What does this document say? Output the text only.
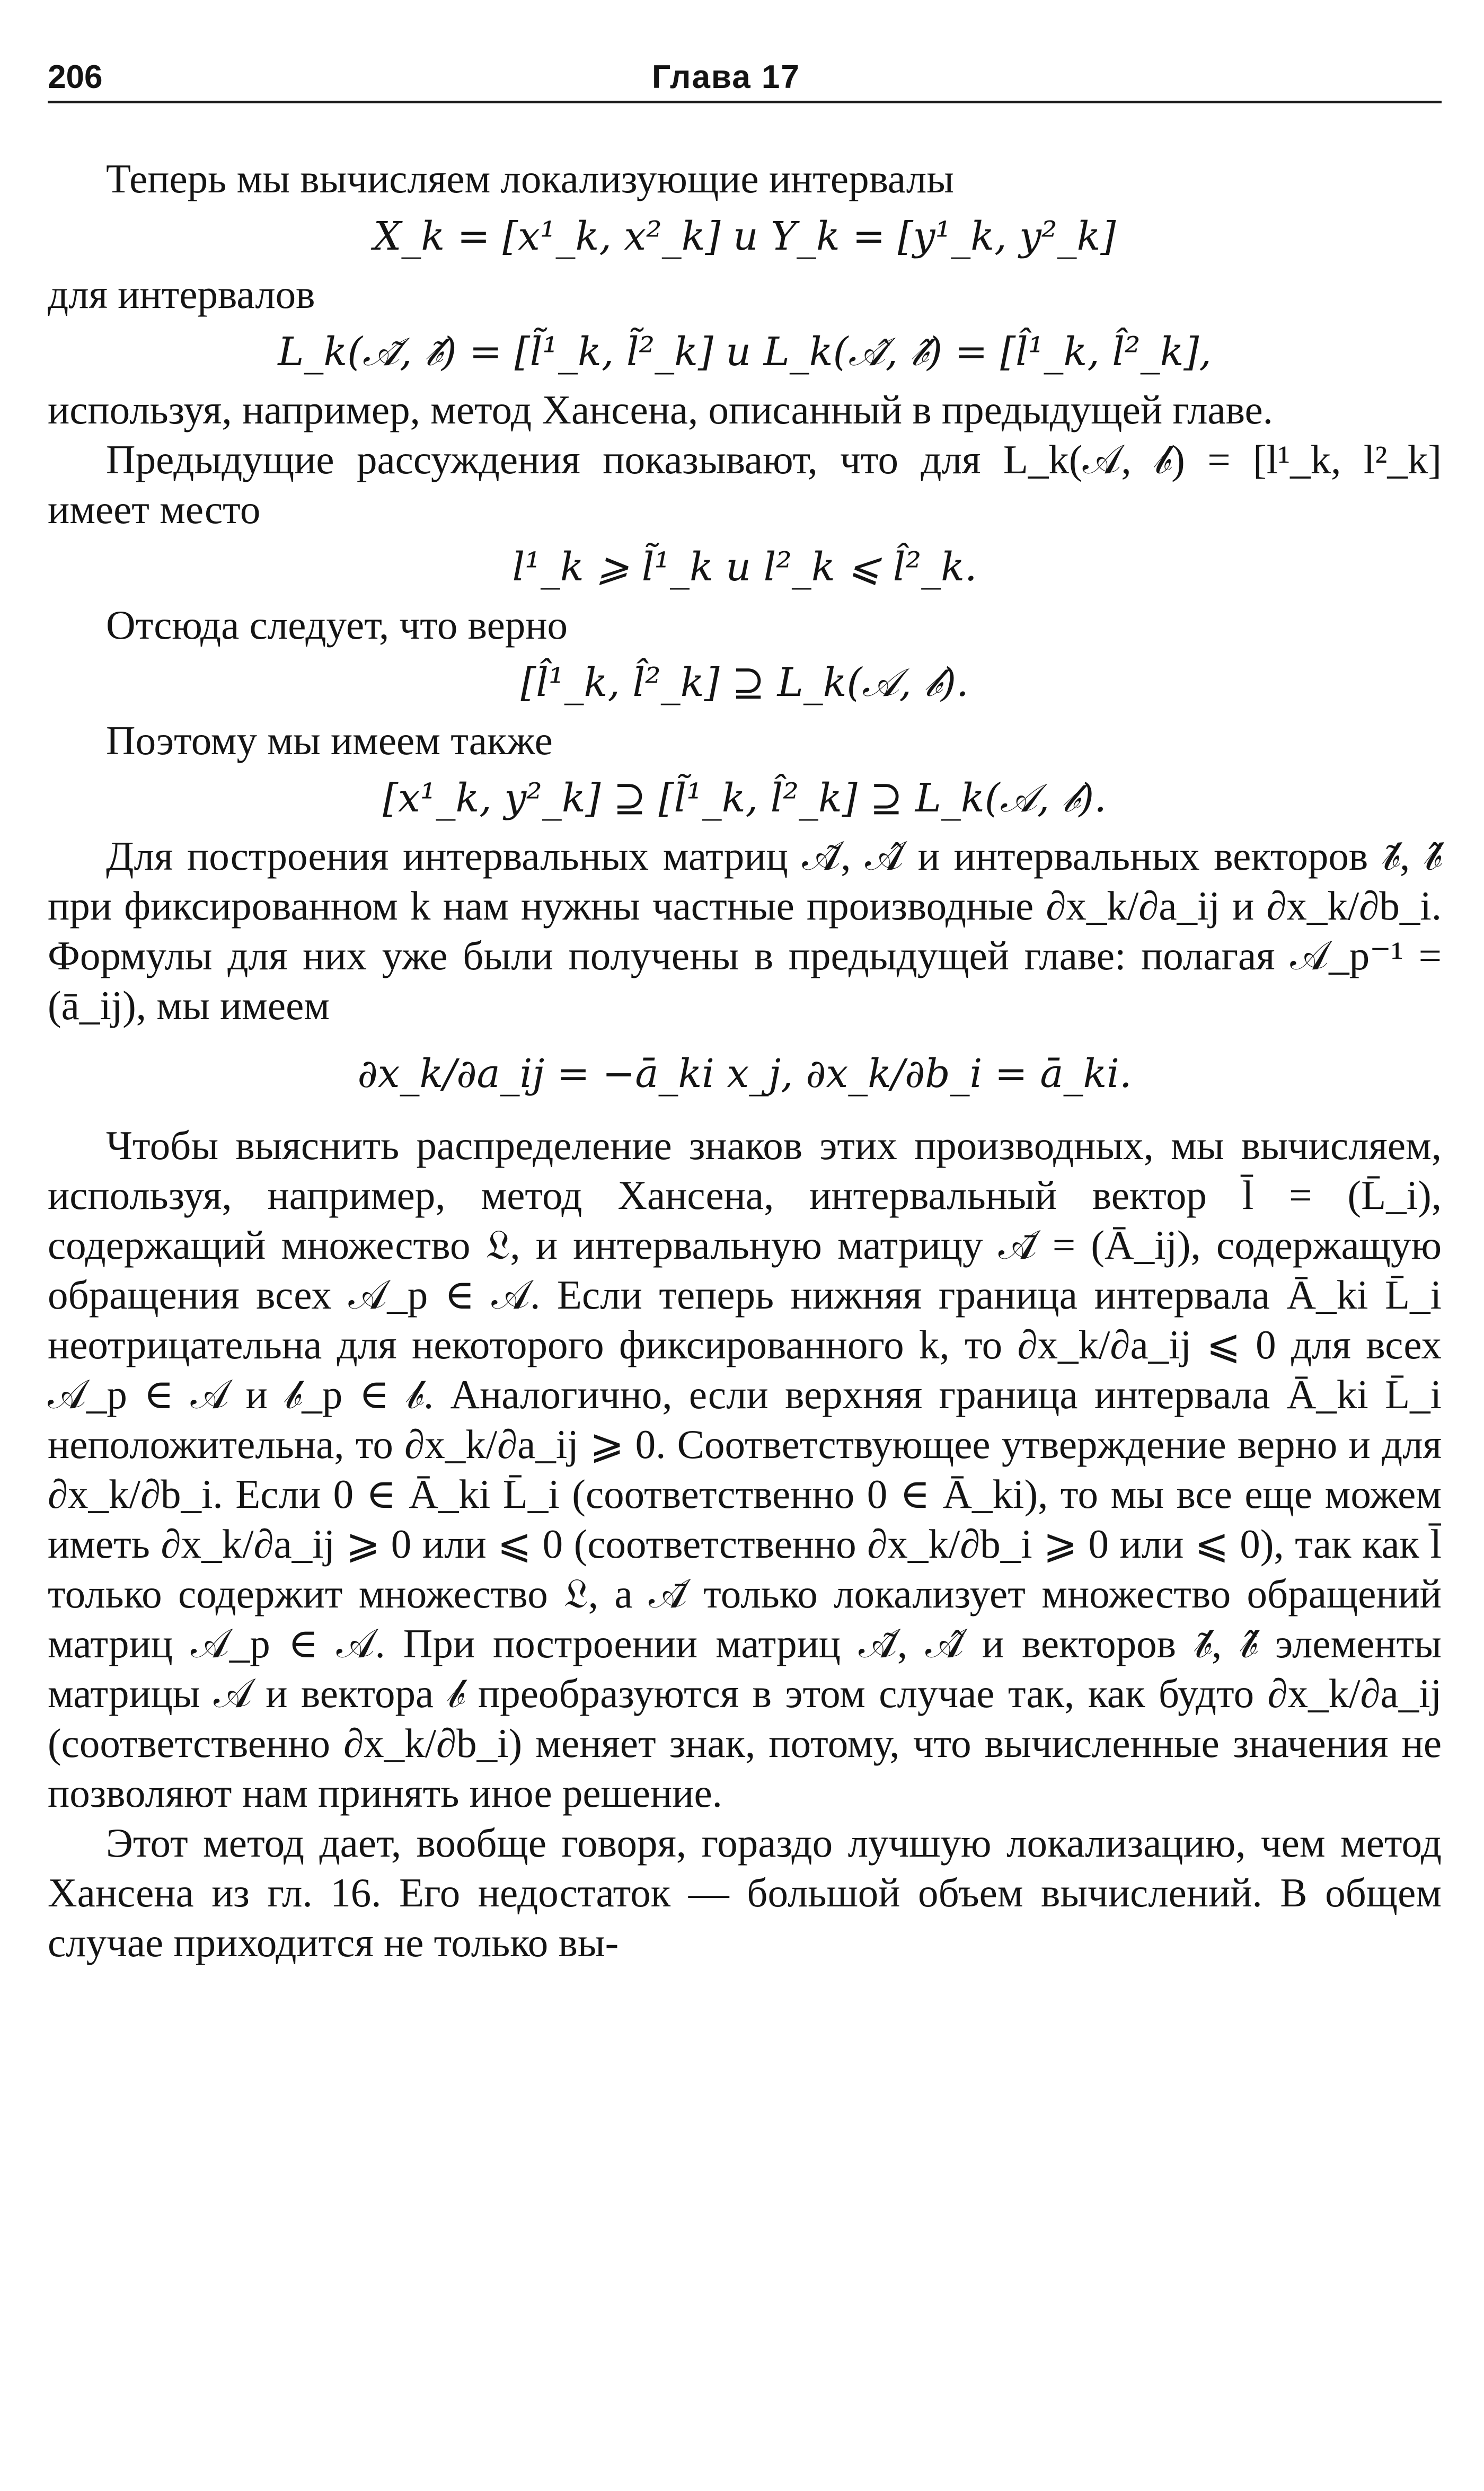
206	Глава 17

Теперь мы вычисляем локализующие интервалы

X_k = [x¹_k, x²_k] и Y_k = [y¹_k, y²_k]

для интервалов

L_k(𝒜̃, 𝒷̃) = [l̃¹_k, l̃²_k] и L_k(𝒜̂, 𝒷̂) = [l̂¹_k, l̂²_k],

используя, например, метод Хансена, описанный в предыдущей главе.

Предыдущие рассуждения показывают, что для L_k(𝒜, 𝒷) = [l¹_k, l²_k] имеет место

l¹_k ⩾ l̃¹_k и l²_k ⩽ l̂²_k.

Отсюда следует, что верно

[l̂¹_k, l̂²_k] ⊇ L_k(𝒜, 𝒷).

Поэтому мы имеем также

[x¹_k, y²_k] ⊇ [l̃¹_k, l̂²_k] ⊇ L_k(𝒜, 𝒷).

Для построения интервальных матриц 𝒜̃, 𝒜̂ и интервальных векторов 𝒷̃, 𝒷̂ при фиксированном k нам нужны частные производные ∂x_k/∂a_ij и ∂x_k/∂b_i. Формулы для них уже были получены в предыдущей главе: полагая 𝒜_p⁻¹ = (ā_ij), мы имеем

∂x_k/∂a_ij = −ā_ki x_j, ∂x_k/∂b_i = ā_ki.

Чтобы выяснить распределение знаков этих производных, мы вычисляем, используя, например, метод Хансена, интервальный вектор l̄ = (L̄_i), содержащий множество 𝔏, и интервальную матрицу 𝒜̄ = (Ā_ij), содержащую обращения всех 𝒜_p ∈ 𝒜. Если теперь нижняя граница интервала Ā_ki L̄_i неотрицательна для некоторого фиксированного k, то ∂x_k/∂a_ij ⩽ 0 для всех 𝒜_p ∈ 𝒜 и 𝒷_p ∈ 𝒷. Аналогично, если верхняя граница интервала Ā_ki L̄_i неположительна, то ∂x_k/∂a_ij ⩾ 0. Соответствующее утверждение верно и для ∂x_k/∂b_i. Если 0 ∈ Ā_ki L̄_i (соответственно 0 ∈ Ā_ki), то мы все еще можем иметь ∂x_k/∂a_ij ⩾ 0 или ⩽ 0 (соответственно ∂x_k/∂b_i ⩾ 0 или ⩽ 0), так как l̄ только содержит множество 𝔏, а 𝒜̄ только локализует множество обращений матриц 𝒜_p ∈ 𝒜. При построении матриц 𝒜̃, 𝒜̂ и векторов 𝒷̃, 𝒷̂ элементы матрицы 𝒜 и вектора 𝒷 преобразуются в этом случае так, как будто ∂x_k/∂a_ij (соответственно ∂x_k/∂b_i) меняет знак, потому, что вычисленные значения не позволяют нам принять иное решение.

Этот метод дает, вообще говоря, гораздо лучшую локализацию, чем метод Хансена из гл. 16. Его недостаток — большой объем вычислений. В общем случае приходится не только вы-
